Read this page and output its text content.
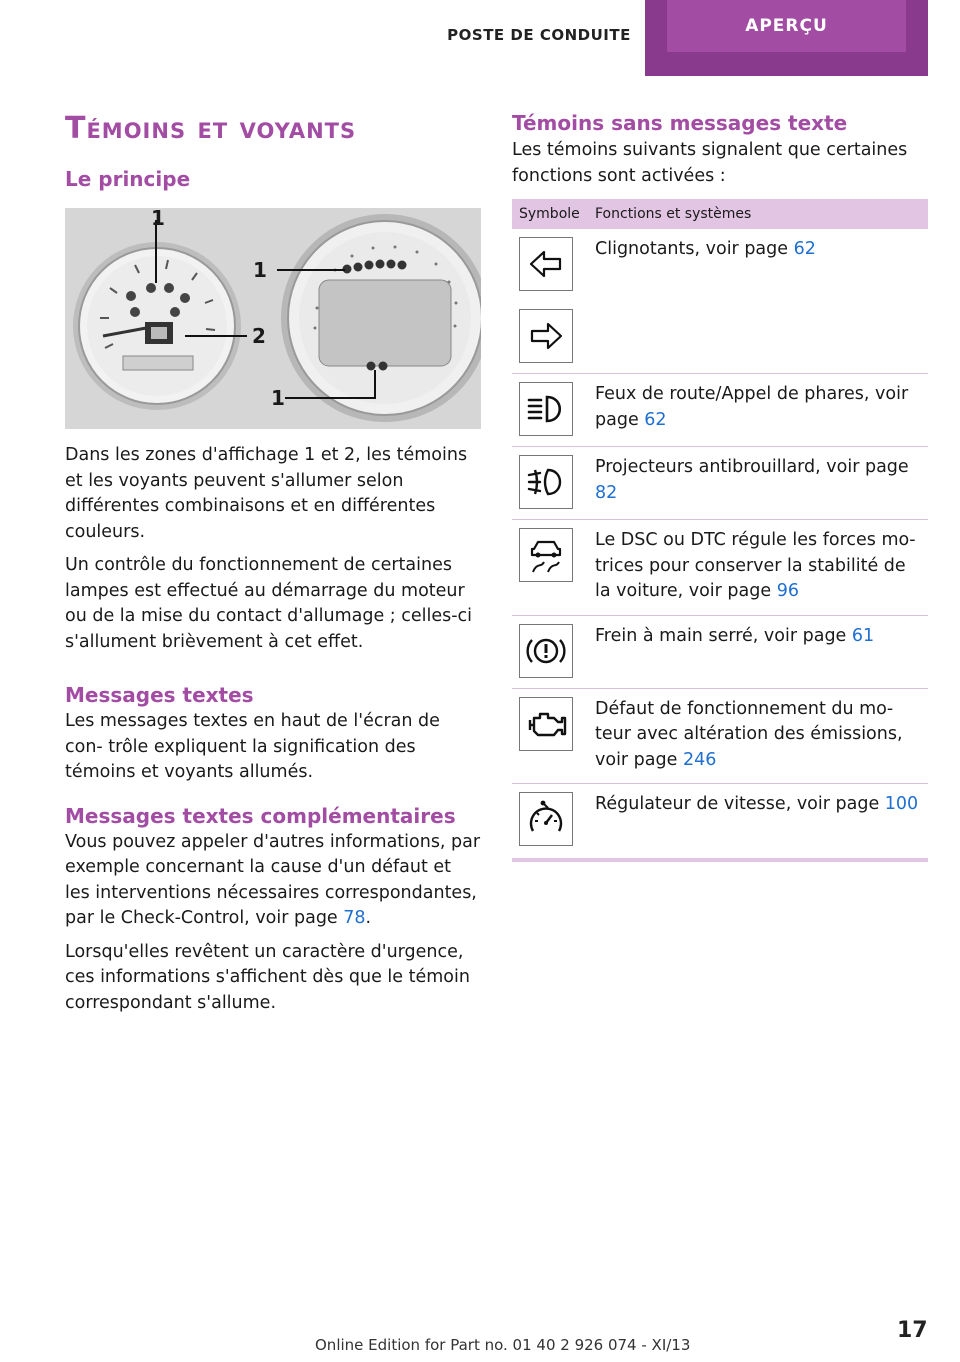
POSTE DE CONDUITE	APERÇU
Témoins et voyants
Le principe
1
1
2
1

Dans les zones d'affichage 1 et 2, les témoins et les voyants peuvent s'allumer selon différentes combinaisons et en différentes couleurs.

Un contrôle du fonctionnement de certaines lampes est effectué au démarrage du moteur ou de la mise du contact d'allumage ; celles-ci s'allument brièvement à cet effet.

Messages textes

Les messages textes en haut de l'écran de con‐ trôle expliquent la signification des témoins et voyants allumés.

Messages textes complémentaires

Vous pouvez appeler d'autres informations, par exemple concernant la cause d'un défaut et les interventions nécessaires correspondantes, par le Check-Control, voir page 78.

Lorsqu'elles revêtent un caractère d'urgence, ces informations s'affichent dès que le témoin correspondant s'allume.

Témoins sans messages texte

Les témoins suivants signalent que certaines fonctions sont activées :

Symbole	Fonctions et systèmes

	Clignotants, voir page 62

	Feux de route/Appel de phares, voir page 62

	Projecteurs antibrouillard, voir page 82

	Le DSC ou DTC régule les forces mo‐ trices pour conserver la stabilité de la voiture, voir page 96

	Frein à main serré, voir page 61

	Défaut de fonctionnement du mo‐ teur avec altération des émissions, voir page 246

	Régulateur de vitesse, voir page 100
Online Edition for Part no. 01 40 2 926 074 - XI/13
17
